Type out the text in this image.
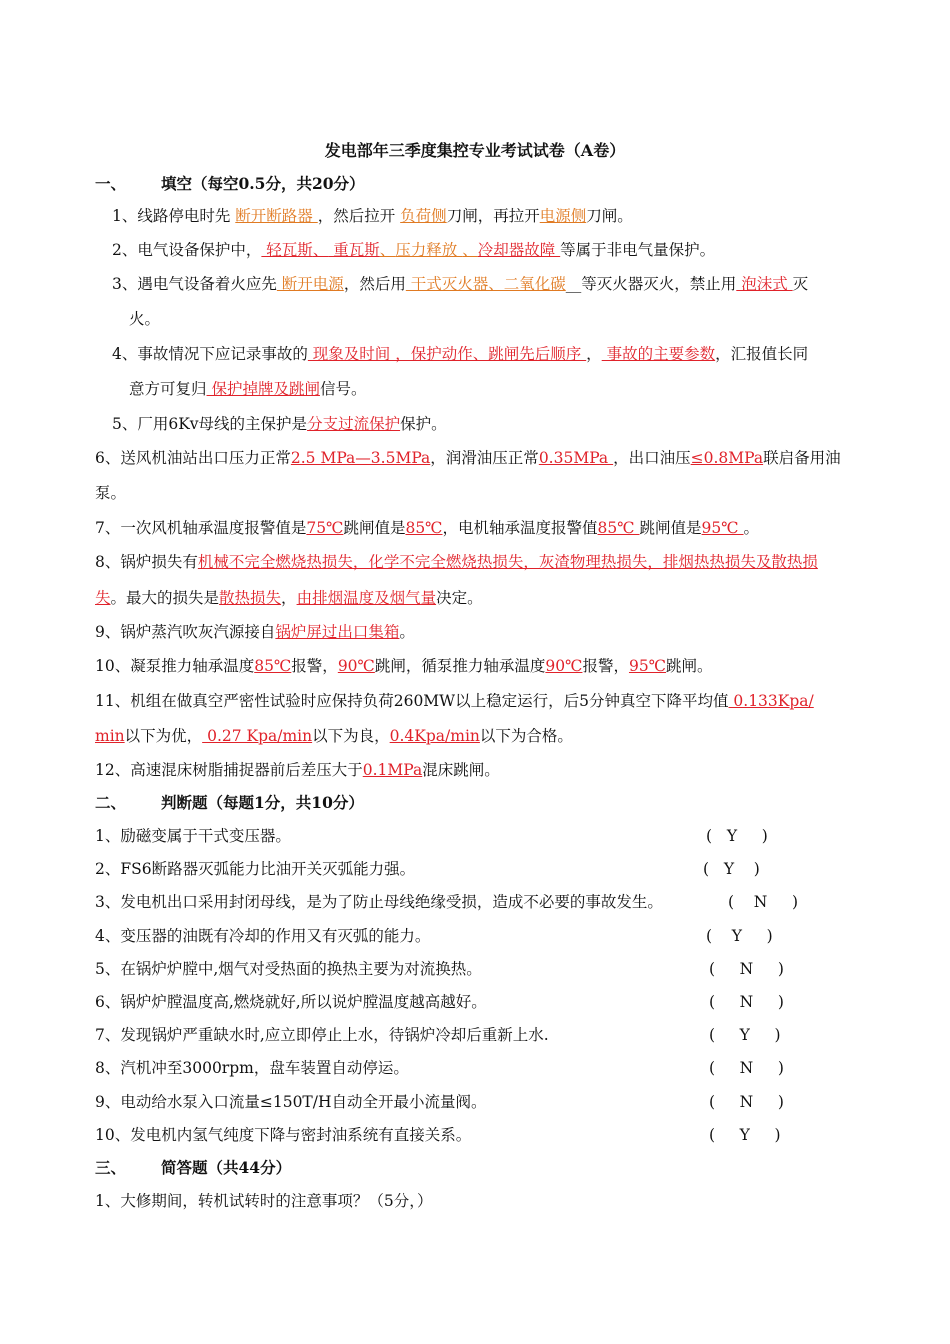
发电部年三季度集控专业考试试卷（A卷）
一、 填空（每空0.5分，共20分）
1、线路停电时先 断开断路器 ，然后拉开 负荷侧刀闸，再拉开电源侧刀闸。
2、电气设备保护中， 轻瓦斯、 重瓦斯、压力释放 、冷却器故障 等属于非电气量保护。
3、遇电气设备着火应先 断开电源，然后用 干式灭火器、二氧化碳__等灭火器灭火，禁止用 泡沫式 灭
火。
4、事故情况下应记录事故的 现象及时间 ，保护动作、跳闸先后顺序 ， 事故的主要参数，汇报值长同
意方可复归 保护掉牌及跳闸信号。
5、厂用6Kv母线的主保护是分支过流保护保护。
6、送风机油站出口压力正常2.5 MPa—3.5MPa，润滑油压正常0.35MPa ，出口油压≤0.8MPa联启备用油
泵。
7、一次风机轴承温度报警值是75℃跳闸值是85℃，电机轴承温度报警值85℃ 跳闸值是95℃ 。
8、锅炉损失有机械不完全燃烧热损失，化学不完全燃烧热损失，灰渣物理热损失，排烟热热损失及散热损
失。最大的损失是散热损失，由排烟温度及烟气量决定。
9、锅炉蒸汽吹灰汽源接自锅炉屏过出口集箱。
10、凝泵推力轴承温度85℃报警，90℃跳闸，循泵推力轴承温度90℃报警，95℃跳闸。
11、机组在做真空严密性试验时应保持负荷260MW以上稳定运行，后5分钟真空下降平均值 0.133Kpa/
min以下为优， 0.27 Kpa/min以下为良，0.4Kpa/min以下为合格。
12、高速混床树脂捕捉器前后差压大于0.1MPa混床跳闸。
二、 判断题（每题1分，共10分）
1、励磁变属于干式变压器。	(   Y     )
2、FS6断路器灭弧能力比油开关灭弧能力强。	(   Y    )
3、发电机出口采用封闭母线，是为了防止母线绝缘受损，造成不必要的事故发生。	(    N     )
4、变压器的油既有冷却的作用又有灭弧的能力。	(    Y     )
5、在锅炉炉膛中,烟气对受热面的换热主要为对流换热。	(     N     )
6、锅炉炉膛温度高,燃烧就好,所以说炉膛温度越高越好。	(     N     )
7、发现锅炉严重缺水时,应立即停止上水，待锅炉冷却后重新上水.	(     Y     )
8、汽机冲至3000rpm，盘车装置自动停运。	(     N     )
9、电动给水泵入口流量≤150T/H自动全开最小流量阀。	(     N     )
10、发电机内氢气纯度下降与密封油系统有直接关系。	(     Y     )
三、 简答题（共44分）
1、大修期间，转机试转时的注意事项？（5分，）
